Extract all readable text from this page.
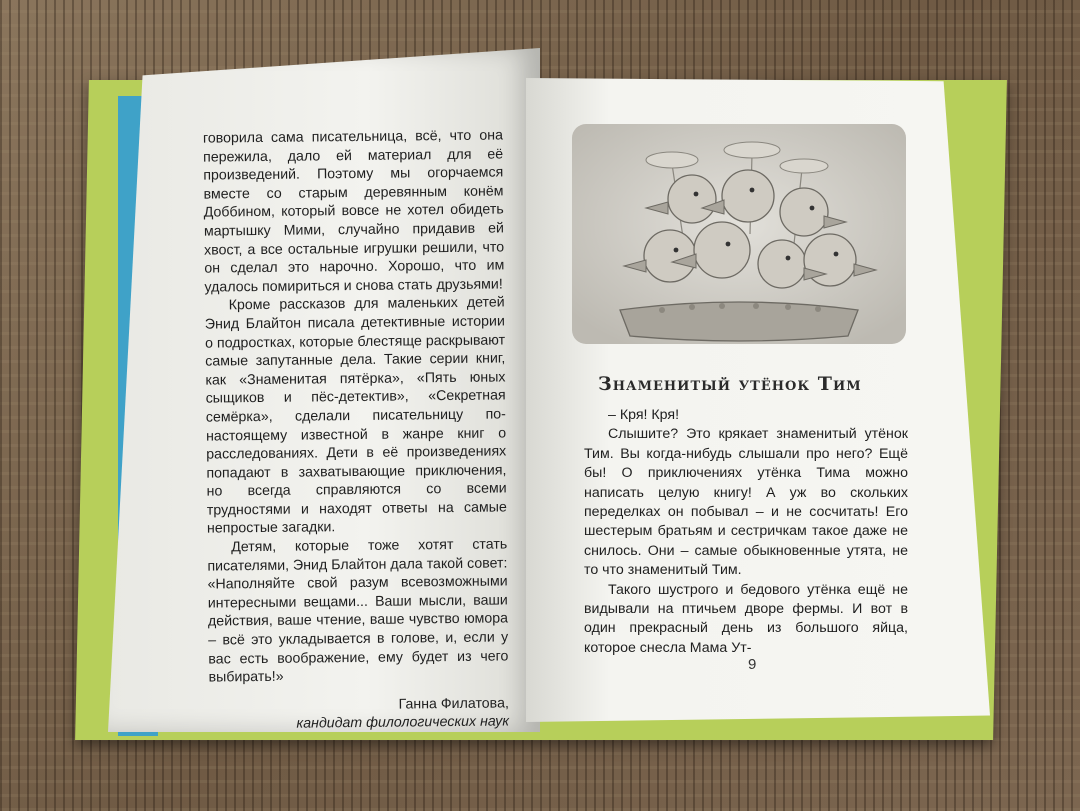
говорила сама писательница, всё, что она пережила, дало ей материал для её произведений. Поэтому мы огорчаемся вместе со старым деревянным конём Доббином, который вовсе не хотел обидеть мартышку Мими, случайно придавив ей хвост, а все остальные игрушки решили, что он сделал это нарочно. Хорошо, что им удалось помириться и снова стать друзьями!

Кроме рассказов для маленьких детей Энид Блайтон писала детективные истории о подростках, которые блестяще раскрывают самые запутанные дела. Такие серии книг, как «Знаменитая пятёрка», «Пять юных сыщиков и пёс-детектив», «Секретная семёрка», сделали писательницу по-настоящему известной в жанре книг о расследованиях. Дети в её произведениях попадают в захватывающие приключения, но всегда справляются со всеми трудностями и находят ответы на самые непростые загадки.

Детям, которые тоже хотят стать писателями, Энид Блайтон дала такой совет: «Наполняйте свой разум всевозможными интересными вещами... Ваши мысли, ваши действия, ваше чтение, ваше чувство юмора – всё это укладывается в голове, и, если у вас есть воображение, ему будет из чего выбирать!»

Ганна Филатова,

кандидат филологических наук

Знаменитый утёнок Тим

– Кря! Кря!

Слышите? Это крякает знаменитый утёнок Тим. Вы когда-нибудь слышали про него? Ещё бы! О приключениях утёнка Тима можно написать целую книгу! А уж во скольких переделках он побывал – и не сосчитать! Его шестерым братьям и сестричкам такое даже не снилось. Они – самые обыкновенные утята, не то что знаменитый Тим.

Такого шустрого и бедового утёнка ещё не видывали на птичьем дворе фермы. И вот в один прекрасный день из большого яйца, которое снесла Мама Ут-

9
